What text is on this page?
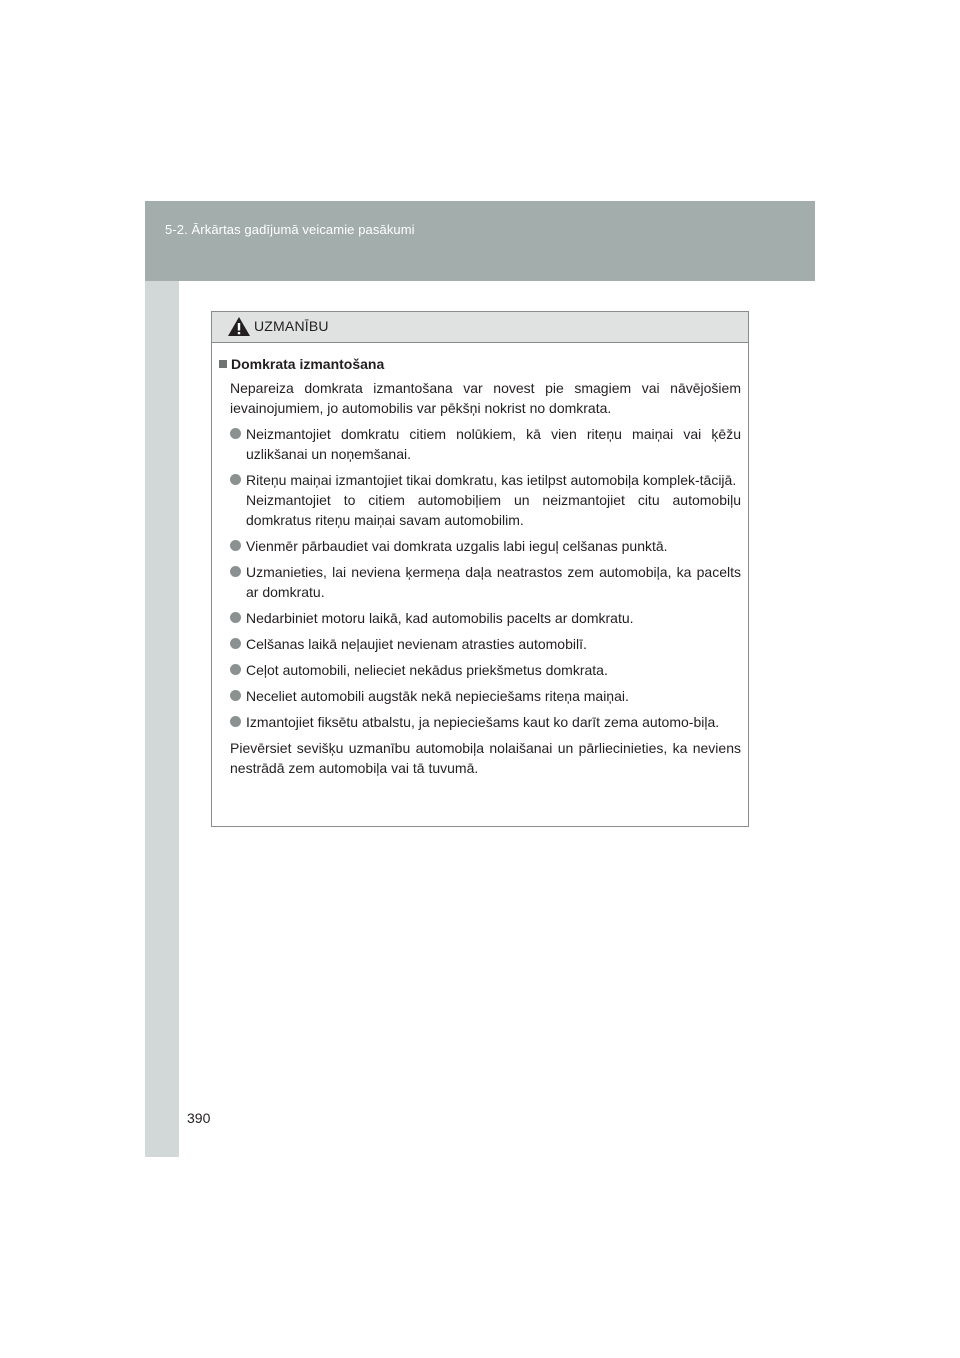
5-2. Ārkārtas gadījumā veicamie pasākumi
390
UZMANĪBU
Domkrata izmantošana
Nepareiza domkrata izmantošana var novest pie smagiem vai nāvējošiem ievainojumiem, jo automobilis var pēkšņi nokrist no domkrata.
Neizmantojiet domkratu citiem nolūkiem, kā vien riteņu maiņai vai ķēžu uzlikšanai un noņemšanai.
Riteņu maiņai izmantojiet tikai domkratu, kas ietilpst automobiļa komplek-tācijā.
Neizmantojiet to citiem automobiļiem un neizmantojiet citu automobiļu domkratus riteņu maiņai savam automobilim.
Vienmēr pārbaudiet vai domkrata uzgalis labi ieguļ celšanas punktā.
Uzmanieties, lai neviena ķermeņa daļa neatrastos zem automobiļa, ka pacelts ar domkratu.
Nedarbiniet motoru laikā, kad automobilis pacelts ar domkratu.
Celšanas laikā neļaujiet nevienam atrasties automobilī.
Ceļot automobili, nelieciet nekādus priekšmetus domkrata.
Neceliet automobili augstāk nekā nepieciešams riteņa maiņai.
Izmantojiet fiksētu atbalstu, ja nepieciešams kaut ko darīt zema automo-biļa.
Pievērsiet sevišķu uzmanību automobiļa nolaišanai un pārliecinieties, ka neviens nestrādā zem automobiļa vai tā tuvumā.
